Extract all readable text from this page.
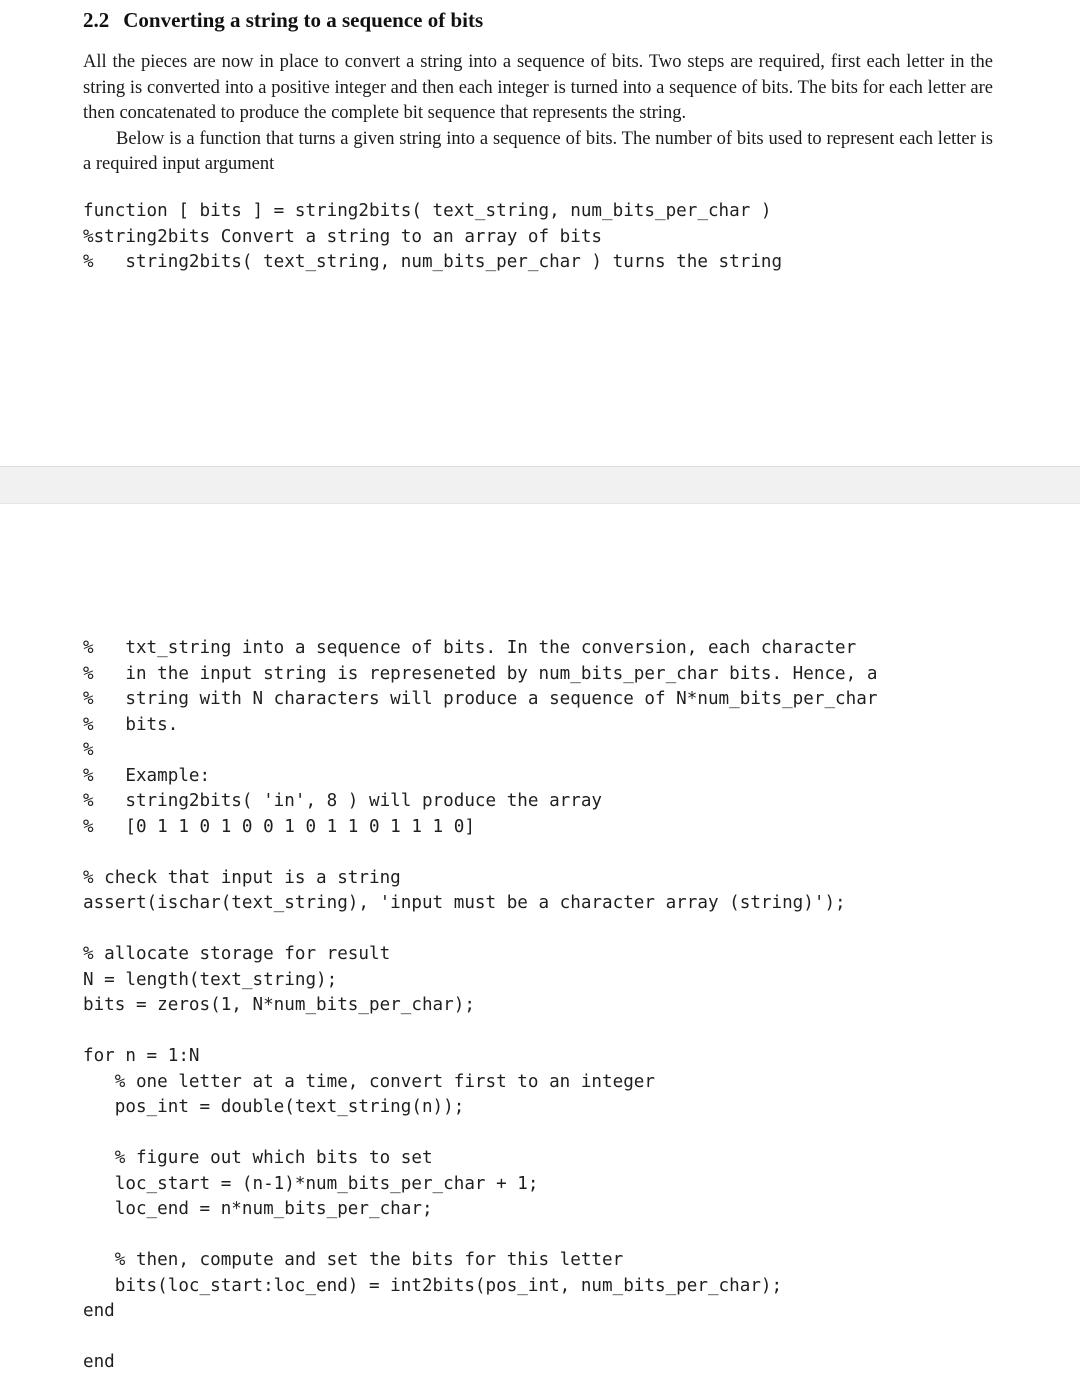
2.2 Converting a string to a sequence of bits

All the pieces are now in place to convert a string into a sequence of bits. Two steps are required, first each letter in the string is converted into a positive integer and then each integer is turned into a sequence of bits. The bits for each letter are then concatenated to produce the complete bit sequence that represents the string.

Below is a function that turns a given string into a sequence of bits. The number of bits used to represent each letter is a required input argument

function [ bits ] = string2bits( text_string, num_bits_per_char )
%string2bits Convert a string to an array of bits
%   string2bits( text_string, num_bits_per_char ) turns the string
%   txt_string into a sequence of bits. In the conversion, each character
%   in the input string is represeneted by num_bits_per_char bits. Hence, a
%   string with N characters will produce a sequence of N*num_bits_per_char
%   bits.
%
%   Example:
%   string2bits( 'in', 8 ) will produce the array
%   [0 1 1 0 1 0 0 1 0 1 1 0 1 1 1 0]
% check that input is a string
assert(ischar(text_string), 'input must be a character array (string)');
% allocate storage for result
N = length(text_string);
bits = zeros(1, N*num_bits_per_char);
for n = 1:N
% one letter at a time, convert first to an integer
pos_int = double(text_string(n));
% figure out which bits to set
loc_start = (n-1)*num_bits_per_char + 1;
loc_end = n*num_bits_per_char;
% then, compute and set the bits for this letter
bits(loc_start:loc_end) = int2bits(pos_int, num_bits_per_char);
end
end
